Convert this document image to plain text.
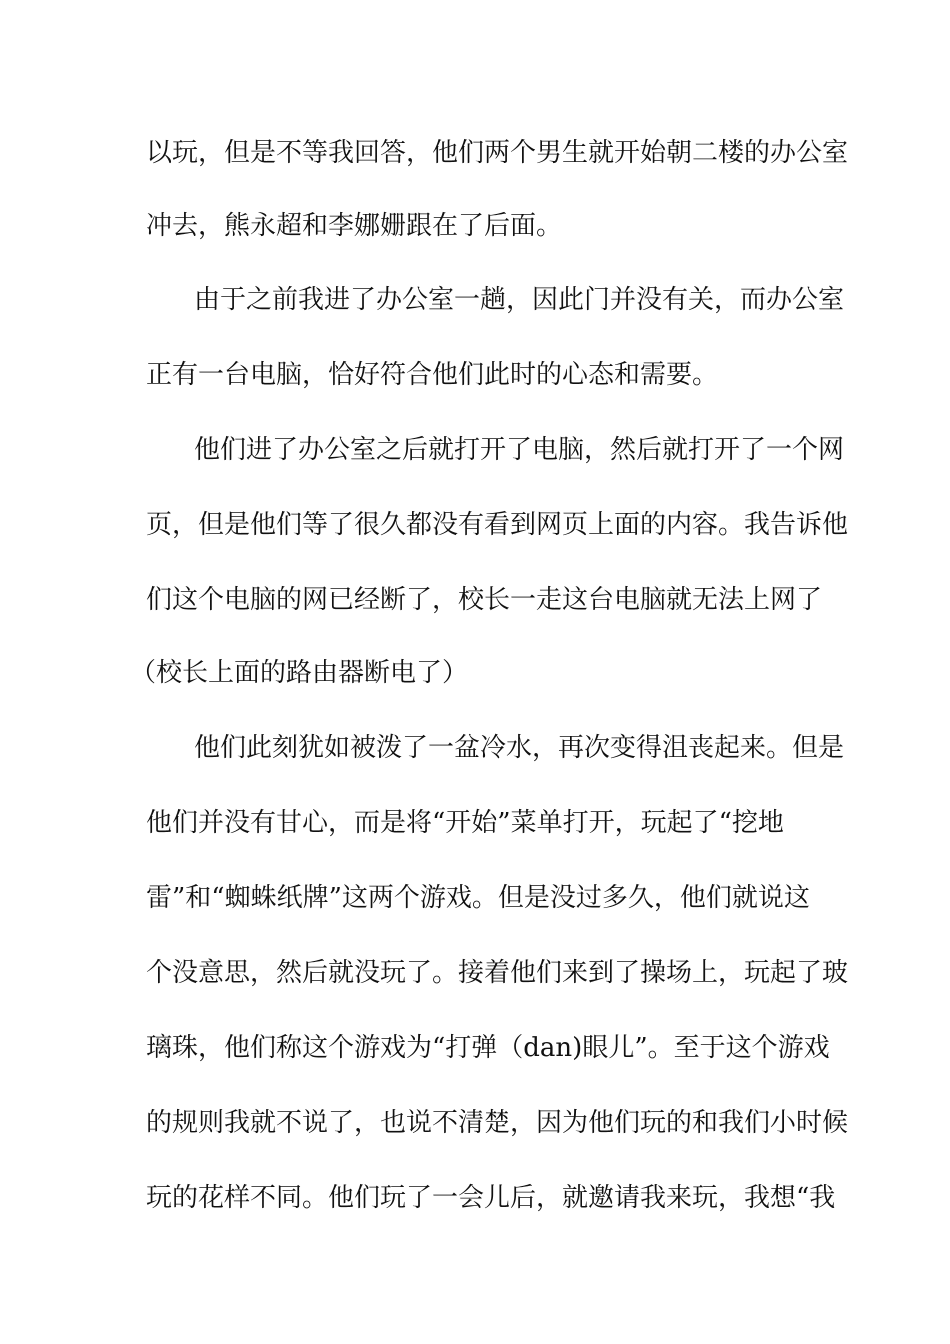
以玩，但是不等我回答，他们两个男生就开始朝二楼的办公室
冲去，熊永超和李娜姗跟在了后面。
由于之前我进了办公室一趟，因此门并没有关，而办公室
正有一台电脑，恰好符合他们此时的心态和需要。
他们进了办公室之后就打开了电脑，然后就打开了一个网
页，但是他们等了很久都没有看到网页上面的内容。我告诉他
们这个电脑的网已经断了，校长一走这台电脑就无法上网了
（校长上面的路由器断电了）
他们此刻犹如被泼了一盆冷水，再次变得沮丧起来。但是
他们并没有甘心，而是将“开始”菜单打开，玩起了“挖地
雷”和“蜘蛛纸牌”这两个游戏。但是没过多久，他们就说这
个没意思，然后就没玩了。接着他们来到了操场上，玩起了玻
璃珠，他们称这个游戏为“打弹（dan)眼儿”。至于这个游戏
的规则我就不说了，也说不清楚，因为他们玩的和我们小时候
玩的花样不同。他们玩了一会儿后，就邀请我来玩，我想“我
